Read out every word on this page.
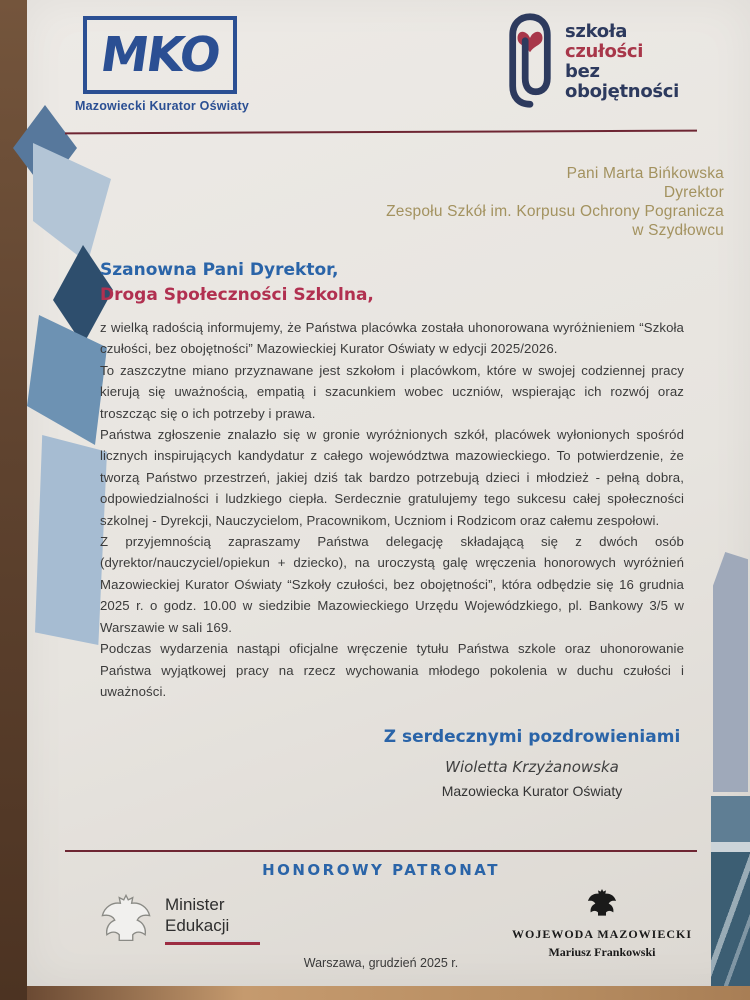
MKO
Mazowiecki Kurator Oświaty
szkoła
czułości
bez
obojętności
Pani Marta Bińkowska
Dyrektor
Zespołu Szkół im. Korpusu Ochrony Pogranicza
w Szydłowcu
Szanowna Pani Dyrektor,
Droga Społeczności Szkolna,

z wielką radością informujemy, że Państwa placówka została uhonorowana wyróżnieniem “Szkoła czułości, bez obojętności” Mazowieckiej Kurator Oświaty w edycji 2025/2026.

To zaszczytne miano przyznawane jest szkołom i placówkom, które w swojej codziennej pracy kierują się uważnością, empatią i szacunkiem wobec uczniów, wspierając ich rozwój oraz troszcząc się o ich potrzeby i prawa.

Państwa zgłoszenie znalazło się w gronie wyróżnionych szkół, placówek wyłonionych spośród licznych inspirujących kandydatur z całego województwa mazowieckiego. To potwierdzenie, że tworzą Państwo przestrzeń, jakiej dziś tak bardzo potrzebują dzieci i młodzież - pełną dobra, odpowiedzialności i ludzkiego ciepła. Serdecznie gratulujemy tego sukcesu całej społeczności szkolnej - Dyrekcji, Nauczycielom, Pracownikom, Uczniom i Rodzicom oraz całemu zespołowi.

Z przyjemnością zapraszamy Państwa delegację składającą się z dwóch osób (dyrektor/nauczyciel/opiekun + dziecko), na uroczystą galę wręczenia honorowych wyróżnień Mazowieckiej Kurator Oświaty “Szkoły czułości, bez obojętności”, która odbędzie się 16 grudnia 2025 r. o godz. 10.00 w siedzibie Mazowieckiego Urzędu Wojewódzkiego, pl. Bankowy 3/5 w Warszawie w sali 169.

Podczas wydarzenia nastąpi oficjalne wręczenie tytułu Państwa szkole oraz uhonorowanie Państwa wyjątkowej pracy na rzecz wychowania młodego pokolenia w duchu czułości i uważności.

Z serdecznymi pozdrowieniami
Wioletta Krzyżanowska
Mazowiecka Kurator Oświaty
HONOROWY PATRONAT
Minister
Edukacji	WOJEWODA MAZOWIECKI
Mariusz Frankowski
Warszawa, grudzień 2025 r.
